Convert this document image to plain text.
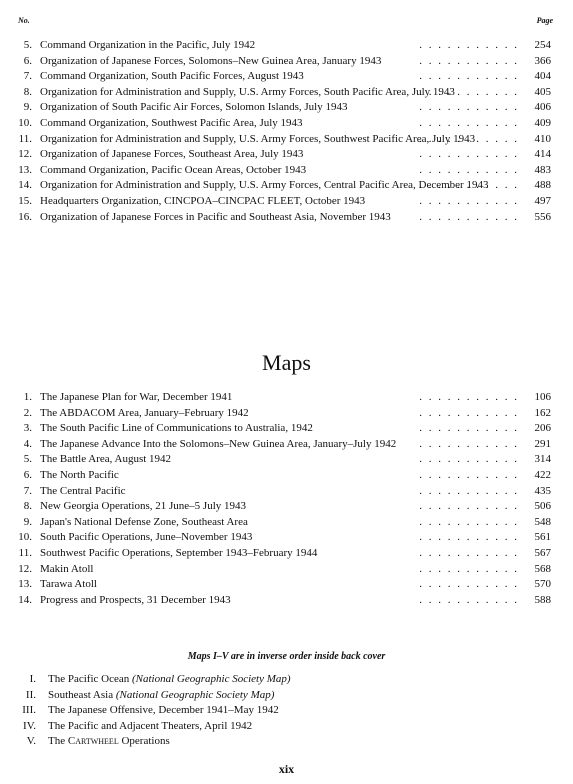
No.	Page
5. Command Organization in the Pacific, July 1942 . . .	254
6. Organization of Japanese Forces, Solomons–New Guinea Area, January 1943 . . .	366
7. Command Organization, South Pacific Forces, August 1943 . . .	404
8. Organization for Administration and Supply, U.S. Army Forces, South Pacific Area, July 1943 . . .	405
9. Organization of South Pacific Air Forces, Solomon Islands, July 1943 . . .	406
10. Command Organization, Southwest Pacific Area, July 1943 . . .	409
11. Organization for Administration and Supply, U.S. Army Forces, Southwest Pacific Area, July 1943 . . .	410
12. Organization of Japanese Forces, Southeast Area, July 1943 . . .	414
13. Command Organization, Pacific Ocean Areas, October 1943 . . .	483
14. Organization for Administration and Supply, U.S. Army Forces, Central Pacific Area, December 1943 . . .	488
15. Headquarters Organization, CINCPOA–CINCPAC FLEET, October 1943 . . .	497
16. Organization of Japanese Forces in Pacific and Southeast Asia, November 1943 . . .	556
Maps
1. The Japanese Plan for War, December 1941 . . .	106
2. The ABDACOM Area, January–February 1942 . . .	162
3. The South Pacific Line of Communications to Australia, 1942 . . .	206
4. The Japanese Advance Into the Solomons–New Guinea Area, January–July 1942 . . .	291
5. The Battle Area, August 1942 . . .	314
6. The North Pacific . . .	422
7. The Central Pacific . . .	435
8. New Georgia Operations, 21 June–5 July 1943 . . .	506
9. Japan's National Defense Zone, Southeast Area . . .	548
10. South Pacific Operations, June–November 1943 . . .	561
11. Southwest Pacific Operations, September 1943–February 1944 . . .	567
12. Makin Atoll . . .	568
13. Tarawa Atoll . . .	570
14. Progress and Prospects, 31 December 1943 . . .	588
Maps I–V are in inverse order inside back cover
I. The Pacific Ocean (National Geographic Society Map)
II. Southeast Asia (National Geographic Society Map)
III. The Japanese Offensive, December 1941–May 1942
IV. The Pacific and Adjacent Theaters, April 1942
V. The Cartwheel Operations
xix
